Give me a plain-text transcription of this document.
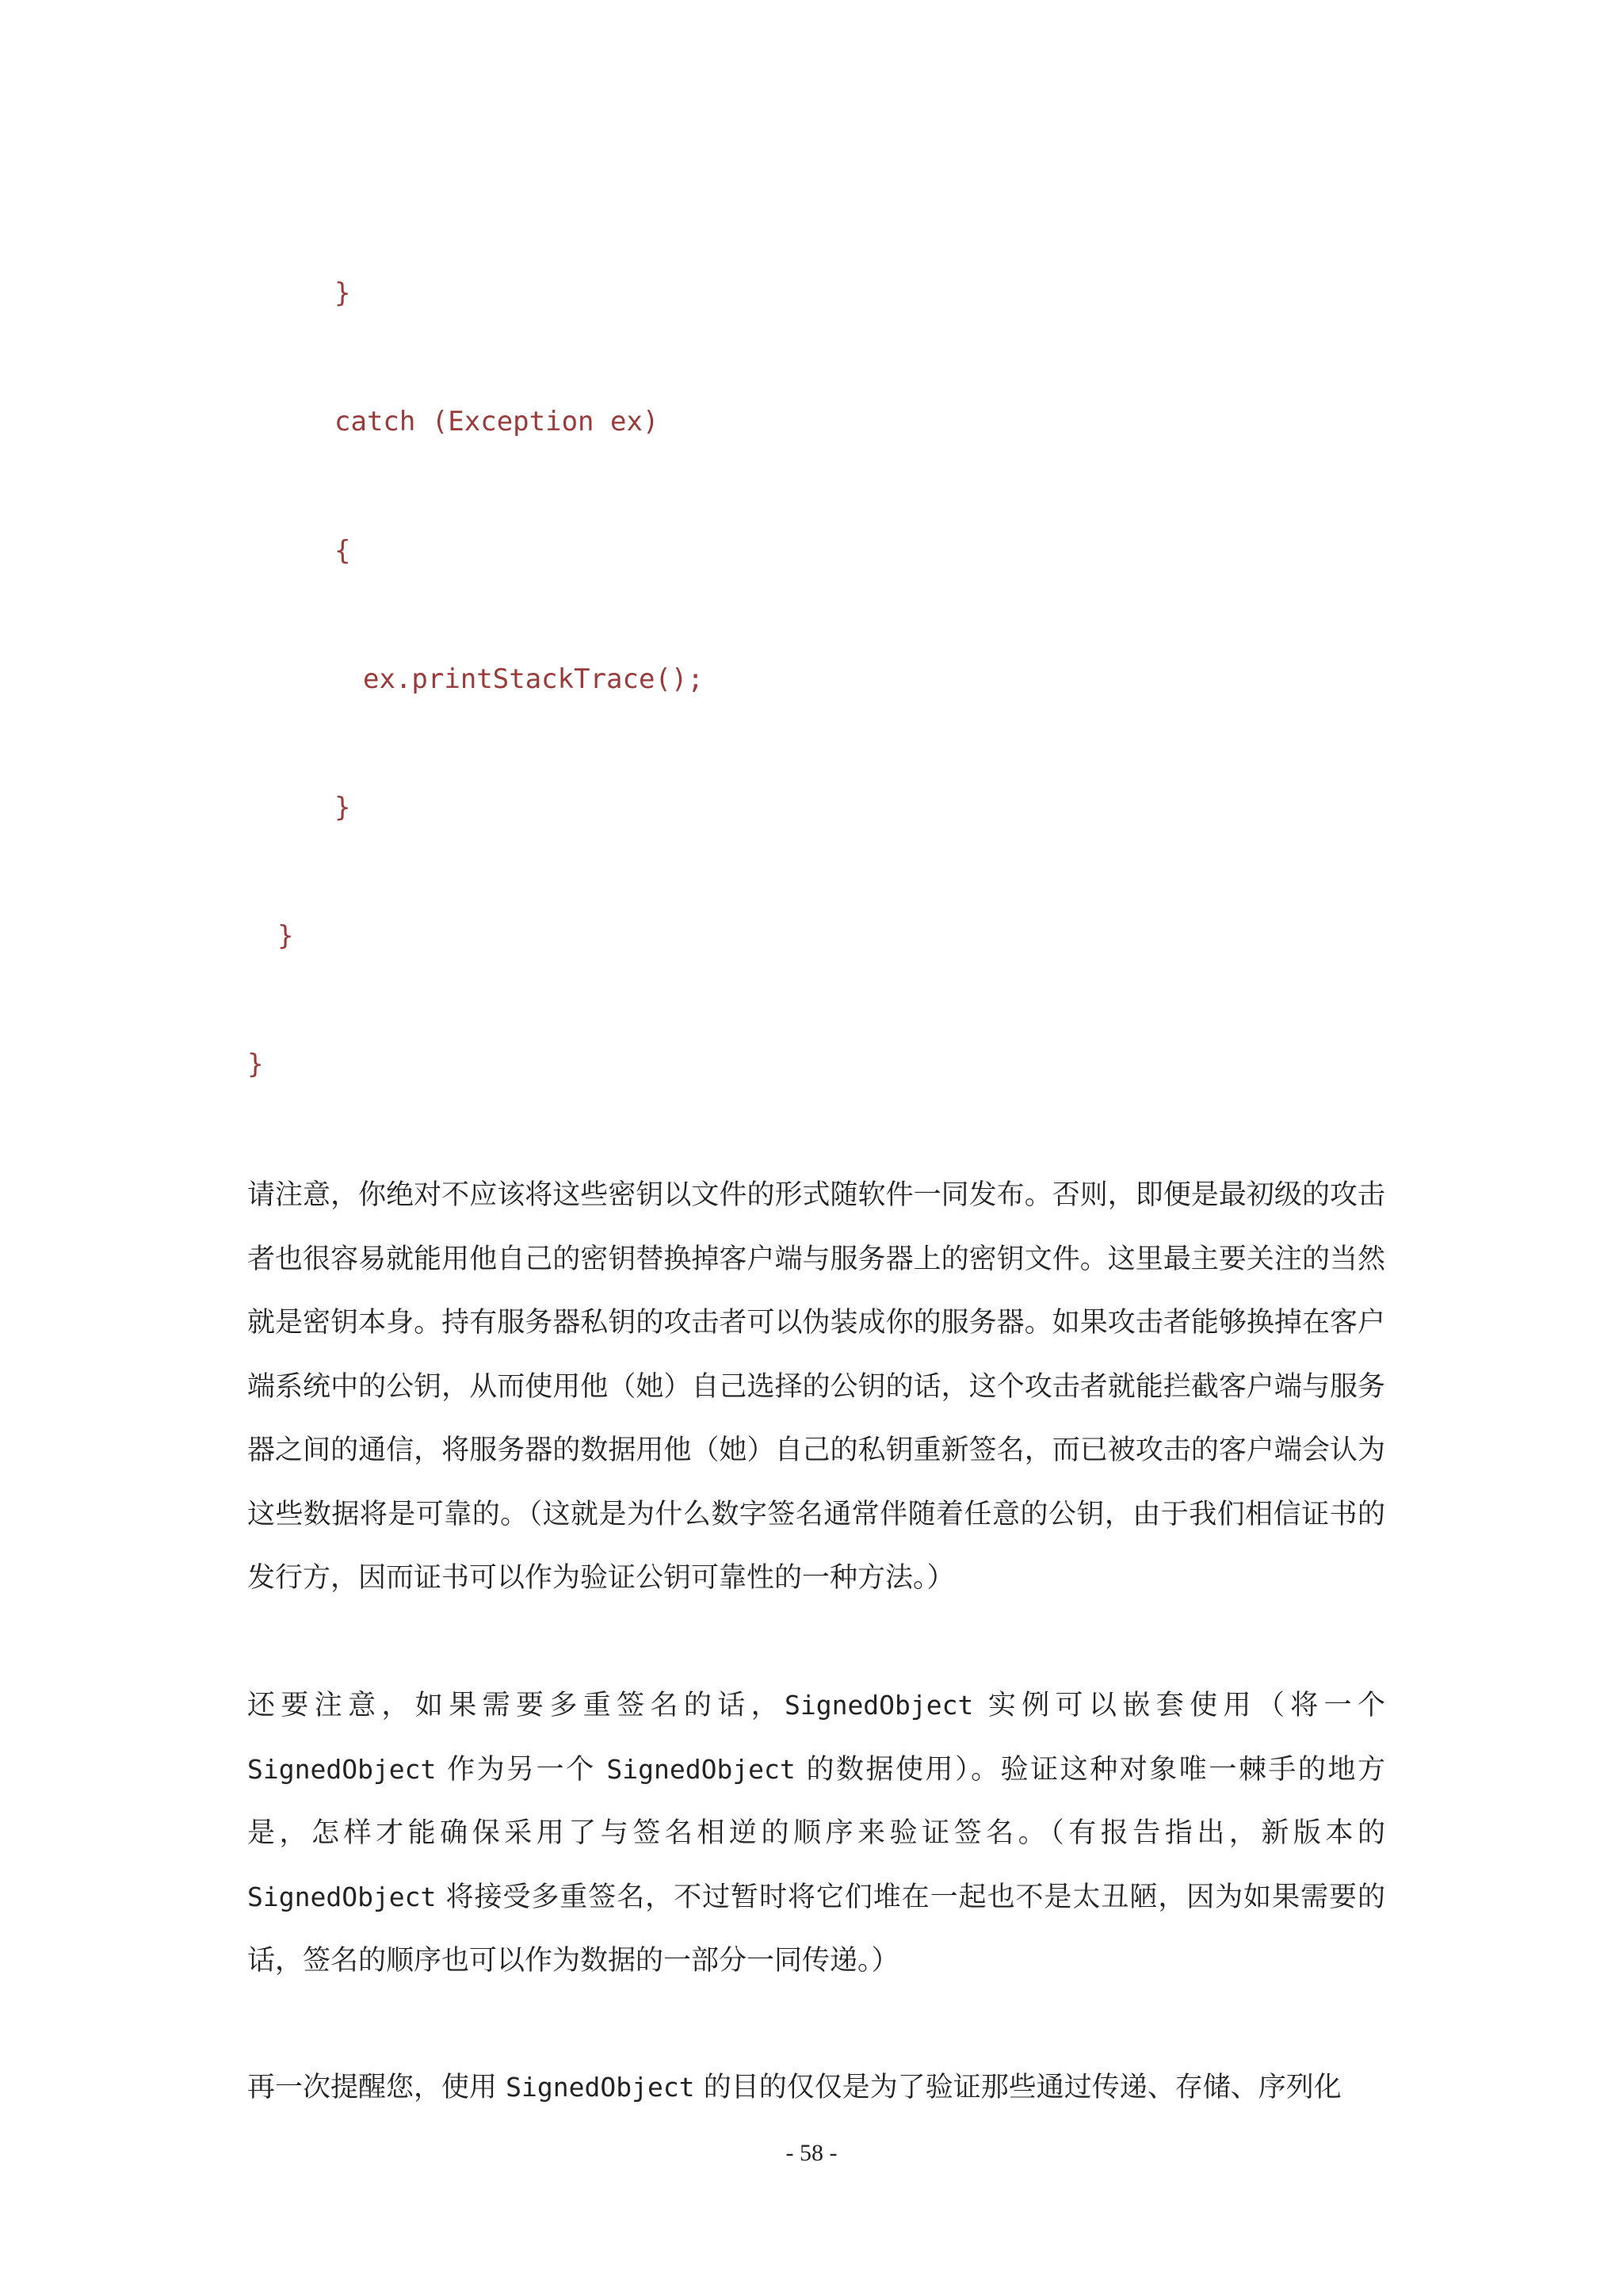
}
catch (Exception ex)
{
ex.printStackTrace();
}
}
}

请注意，你绝对不应该将这些密钥以文件的形式随软件一同发布。否则，即便是最初级的攻击者也很容易就能用他自己的密钥替换掉客户端与服务器上的密钥文件。这里最主要关注的当然就是密钥本身。持有服务器私钥的攻击者可以伪装成你的服务器。如果攻击者能够换掉在客户端系统中的公钥，从而使用他（她）自己选择的公钥的话，这个攻击者就能拦截客户端与服务器之间的通信，将服务器的数据用他（她）自己的私钥重新签名，而已被攻击的客户端会认为这些数据将是可靠的。（这就是为什么数字签名通常伴随着任意的公钥，由于我们相信证书的发行方，因而证书可以作为验证公钥可靠性的一种方法。）

还要注意，如果需要多重签名的话，SignedObject 实例可以嵌套使用（将一个SignedObject 作为另一个 SignedObject 的数据使用）。验证这种对象唯一棘手的地方是，怎样才能确保采用了与签名相逆的顺序来验证签名。（有报告指出，新版本的SignedObject 将接受多重签名，不过暂时将它们堆在一起也不是太丑陋，因为如果需要的话，签名的顺序也可以作为数据的一部分一同传递。）

再一次提醒您，使用 SignedObject 的目的仅仅是为了验证那些通过传递、存储、序列化

- 58 -
